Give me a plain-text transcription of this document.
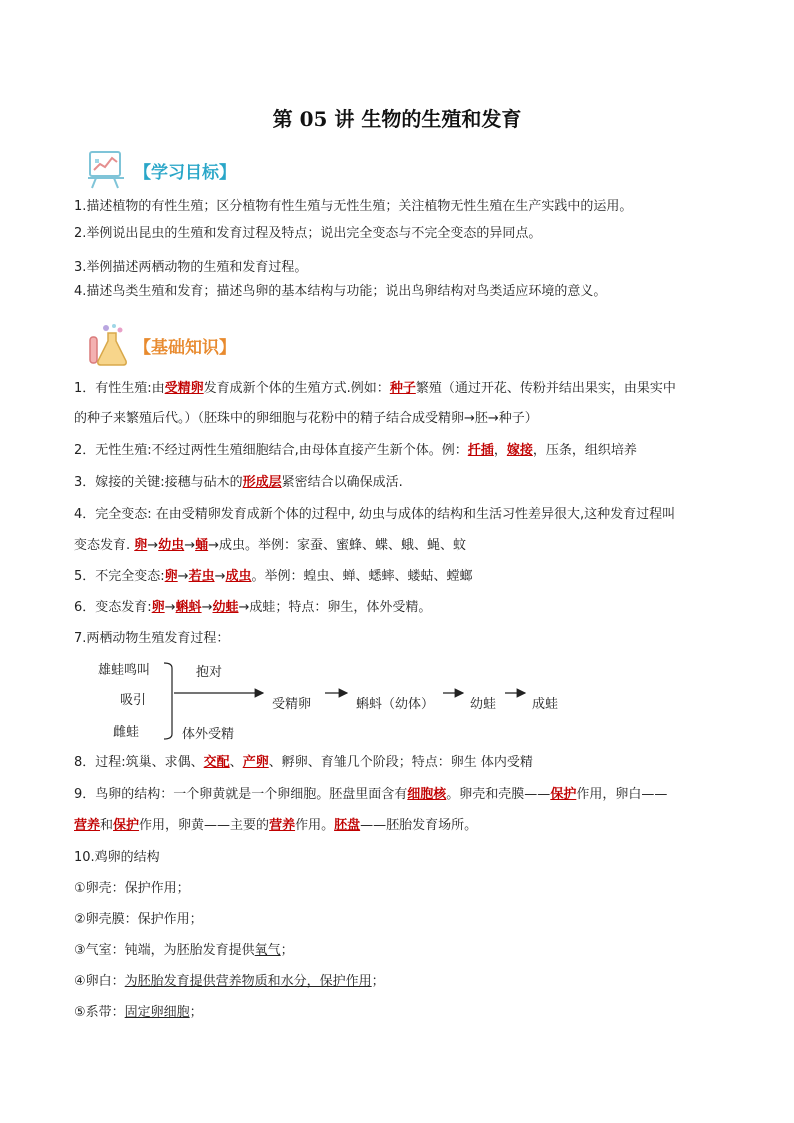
第 05 讲 生物的生殖和发育
【学习目标】
1.描述植物的有性生殖；区分植物有性生殖与无性生殖；关注植物无性生殖在生产实践中的运用。
2.举例说出昆虫的生殖和发育过程及特点；说出完全变态与不完全变态的异同点。
3.举例描述两栖动物的生殖和发育过程。
4.描述鸟类生殖和发育；描述鸟卵的基本结构与功能；说出鸟卵结构对鸟类适应环境的意义。
【基础知识】
1．有性生殖:由受精卵发育成新个体的生殖方式.例如：种子繁殖（通过开花、传粉并结出果实，由果实中
的种子来繁殖后代。）（胚珠中的卵细胞与花粉中的精子结合成受精卵→胚→种子）
2．无性生殖:不经过两性生殖细胞结合,由母体直接产生新个体。例：扦插，嫁接，压条，组织培养
3．嫁接的关键:接穗与砧木的形成层紧密结合以确保成活.
4．完全变态: 在由受精卵发育成新个体的过程中, 幼虫与成体的结构和生活习性差异很大,这种发育过程叫
变态发育. 卵→幼虫→蛹→成虫。举例：家蚕、蜜蜂、蝶、蛾、蝇、蚊
5．不完全变态:卵→若虫→成虫。举例：蝗虫、蝉、蟋蟀、蝼蛄、螳螂
6．变态发育:卵→蝌蚪→幼蛙→成蛙；特点：卵生，体外受精。
7.两栖动物生殖发育过程：
雄蛙鸣叫
吸引
雌蛙
抱对
体外受精
受精卵	蝌蚪（幼体）	幼蛙	成蛙
8．过程:筑巢、求偶、交配、产卵、孵卵、育雏几个阶段；特点：卵生 体内受精
9．鸟卵的结构：一个卵黄就是一个卵细胞。胚盘里面含有细胞核。卵壳和壳膜——保护作用，卵白——
营养和保护作用，卵黄——主要的营养作用。胚盘——胚胎发育场所。
10.鸡卵的结构
①卵壳：保护作用；
②卵壳膜：保护作用；
③气室：钝端，为胚胎发育提供氧气；
④卵白：为胚胎发育提供营养物质和水分，保护作用；
⑤系带：固定卵细胞；
